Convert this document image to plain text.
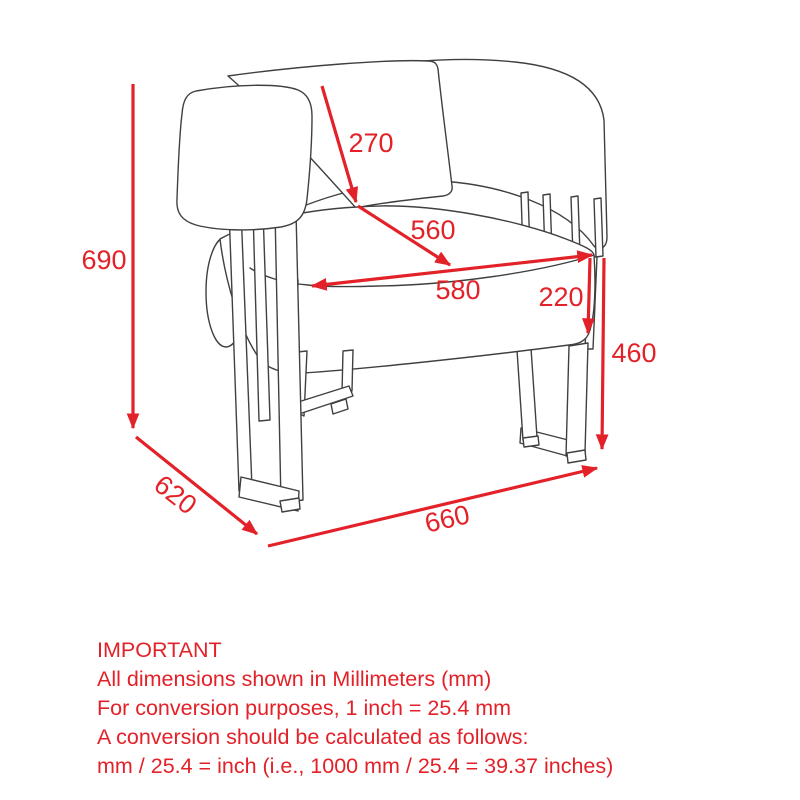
690
270
560
580 220
460
620	660
IMPORTANT
All dimensions shown in Millimeters (mm)
For conversion purposes, 1 inch = 25.4 mm
A conversion should be calculated as follows:
mm / 25.4 = inch (i.e., 1000 mm / 25.4 = 39.37 inches)
